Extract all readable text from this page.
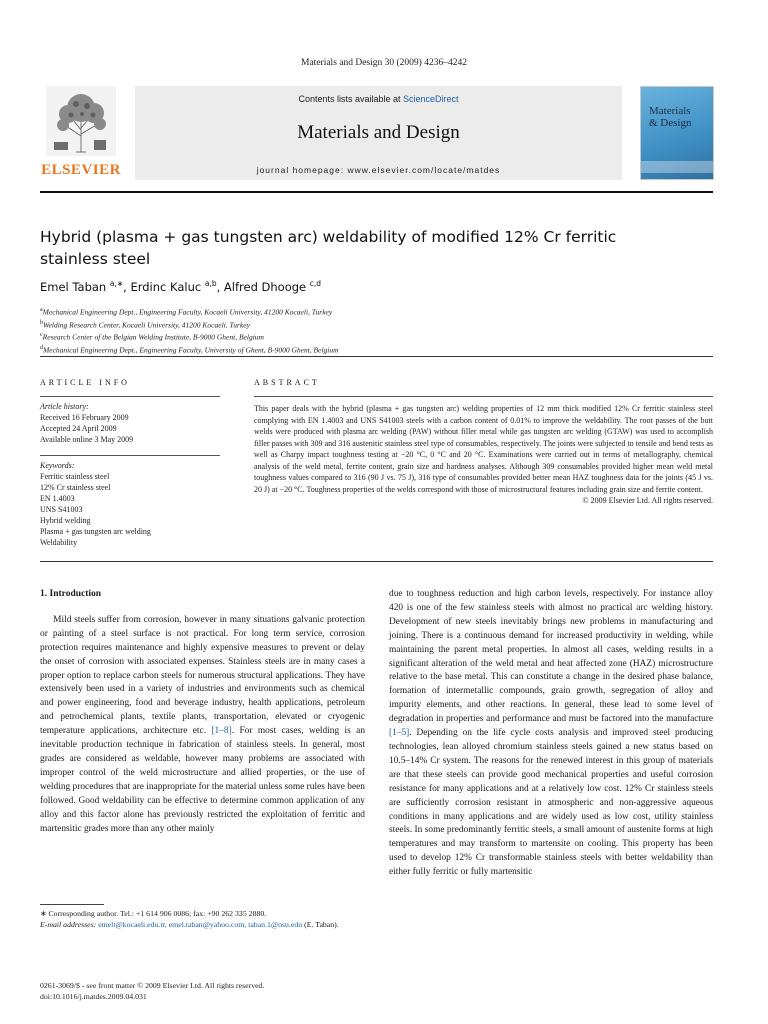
Materials and Design 30 (2009) 4236–4242
ELSEVIER
Contents lists available at ScienceDirect
Materials and Design
journal homepage: www.elsevier.com/locate/matdes
Materials
& Design
Hybrid (plasma + gas tungsten arc) weldability of modified 12% Cr ferritic
stainless steel
Emel Taban $^{a,∗}$, Erdinc Kaluc $^{a,b}$, Alfred Dhooge $^{c,d}$
$^a$Mechanical Engineering Dept., Engineering Faculty, Kocaeli University, 41200 Kocaeli, Turkey
$^b$Welding Research Center, Kocaeli University, 41200 Kocaeli, Turkey
$^c$Research Center of the Belgian Welding Institute, B-9000 Ghent, Belgium
$^d$Mechanical Engineering Dept., Engineering Faculty, University of Ghent, B-9000 Ghent, Belgium
ARTICLE INFO
Article history:
Received 16 February 2009
Accepted 24 April 2009
Available online 3 May 2009
Keywords:
Ferritic stainless steel
12% Cr stainless steel
EN 1.4003
UNS S41003
Hybrid welding
Plasma + gas tungsten arc welding
Weldability
ABSTRACT
This paper deals with the hybrid (plasma + gas tungsten arc) welding properties of 12 mm thick modified 12% Cr ferritic stainless steel complying with EN 1.4003 and UNS S41003 steels with a carbon content of 0.01% to improve the weldability. The root passes of the butt welds were produced with plasma arc welding (PAW) without filler metal while gas tungsten arc welding (GTAW) was used to accomplish filler passes with 309 and 316 austenitic stainless steel type of consumables, respectively. The joints were subjected to tensile and bend tests as well as Charpy impact toughness testing at −20 °C, 0 °C and 20 °C. Examinations were carried out in terms of metallography, chemical analysis of the weld metal, ferrite content, grain size and hardness analyses. Although 309 consumables provided higher mean weld metal toughness values compared to 316 (90 J vs. 75 J), 316 type of consumables provided better mean HAZ toughness data for the joints (45 J vs. 20 J) at −20 °C. Toughness properties of the welds correspond with those of microstructural features including grain size and ferrite content.
© 2009 Elsevier Ltd. All rights reserved.
1. Introduction

Mild steels suffer from corrosion, however in many situations galvanic protection or painting of a steel surface is not practical. For long term service, corrosion protection requires maintenance and highly expensive measures to prevent or delay the onset of corrosion with associated expenses. Stainless steels are in many cases a proper option to replace carbon steels for numerous structural applications. They have extensively been used in a variety of industries and environments such as chemical and power engineering, food and beverage industry, health applications, petroleum and petrochemical plants, textile plants, transportation, elevated or cryogenic temperature applications, architecture etc. [1–8]. For most cases, welding is an inevitable production technique in fabrication of stainless steels. In general, most grades are considered as weldable, however many problems are associated with improper control of the weld microstructure and allied properties, or the use of welding procedures that are inappropriate for the material unless some rules have been followed. Good weldability can be effective to determine common application of any alloy and this factor alone has previously restricted the exploitation of ferritic and martensitic grades more than any other mainly

due to toughness reduction and high carbon levels, respectively. For instance alloy 420 is one of the few stainless steels with almost no practical arc welding history. Development of new steels inevitably brings new problems in manufacturing and joining. There is a continuous demand for increased productivity in welding, while maintaining the parent metal properties. In almost all cases, welding results in a significant alteration of the weld metal and heat affected zone (HAZ) microstructure relative to the base metal. This can constitute a change in the desired phase balance, formation of intermetallic compounds, grain growth, segregation of alloy and impurity elements, and other reactions. In general, these lead to some level of degradation in properties and performance and must be factored into the manufacture [1–5]. Depending on the life cycle costs analysis and improved steel producing technologies, lean alloyed chromium stainless steels gained a new status based on 10.5–14% Cr system. The reasons for the renewed interest in this group of materials are that these steels can provide good mechanical properties and useful corrosion resistance for many applications and at a relatively low cost. 12% Cr stainless steels are sufficiently corrosion resistant in atmospheric and non-aggressive aqueous conditions in many applications and are widely used as low cost, utility stainless steels. In some predominantly ferritic steels, a small amount of austenite forms at high temperatures and may transform to martensite on cooling. This property has been used to develop 12% Cr transformable stainless steels with better weldability than either fully ferritic or fully martensitic

∗ Corresponding author. Tel.: +1 614 906 0086; fax: +90 262 335 2880.
E-mail addresses: emelt@kocaeli.edu.tr, emel.taban@yahoo.com, taban.1@osu.edu (E. Taban).
0261-3069/$ - see front matter © 2009 Elsevier Ltd. All rights reserved.
doi:10.1016/j.matdes.2009.04.031
